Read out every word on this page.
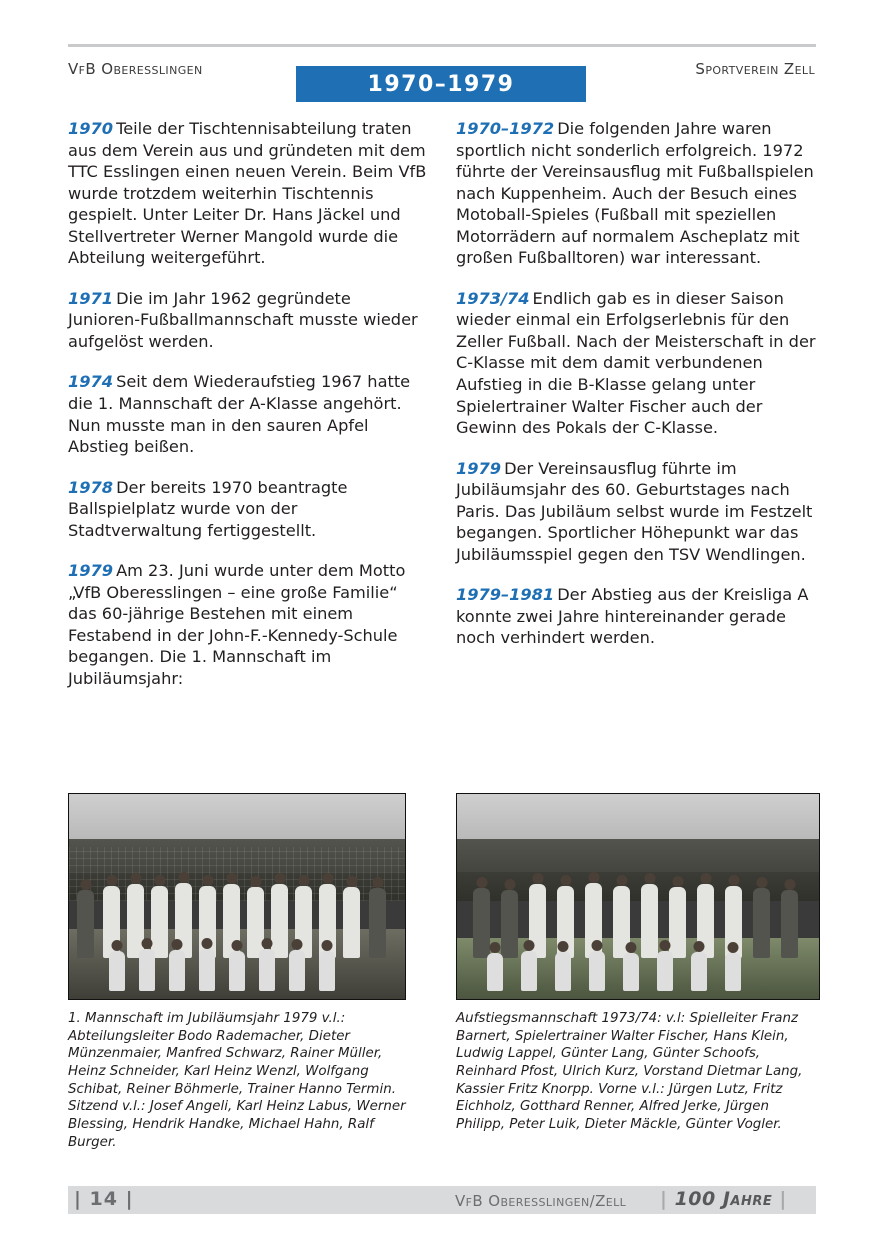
VfB Oberesslingen
1970–1979
Sportverein Zell

1970 Teile der Tischtennisabteilung traten aus dem Verein aus und gründeten mit dem TTC Esslingen einen neuen Verein. Beim VfB wurde trotzdem weiterhin Tischtennis gespielt. Unter Leiter Dr. Hans Jäckel und Stellvertreter Werner Mangold wurde die Abteilung weitergeführt.

1971 Die im Jahr 1962 gegründete Junioren-Fußballmannschaft musste wieder aufgelöst werden.

1974 Seit dem Wiederaufstieg 1967 hatte die 1. Mannschaft der A-Klasse angehört. Nun musste man in den sauren Apfel Abstieg beißen.

1978 Der bereits 1970 beantragte Ballspielplatz wurde von der Stadtverwaltung fertiggestellt.

1979 Am 23. Juni wurde unter dem Motto „VfB Oberesslingen – eine große Familie“ das 60-jährige Bestehen mit einem Festabend in der John-F.-Kennedy-Schule begangen. Die 1. Mannschaft im Jubiläumsjahr:

1970–1972 Die folgenden Jahre waren sportlich nicht sonderlich erfolgreich. 1972 führte der Vereinsausflug mit Fußballspielen nach Kuppenheim. Auch der Besuch eines Motoball-Spieles (Fußball mit speziellen Motorrädern auf normalem Ascheplatz mit großen Fußballtoren) war interessant.

1973/74 Endlich gab es in dieser Saison wieder einmal ein Erfolgserlebnis für den Zeller Fußball. Nach der Meisterschaft in der C-Klasse mit dem damit verbundenen Aufstieg in die B-Klasse gelang unter Spielertrainer Walter Fischer auch der Gewinn des Pokals der C-Klasse.

1979 Der Vereinsausflug führte im Jubiläumsjahr des 60. Geburtstages nach Paris. Das Jubiläum selbst wurde im Festzelt begangen. Sportlicher Höhepunkt war das Jubiläumsspiel gegen den TSV Wendlingen.

1979–1981 Der Abstieg aus der Kreisliga A konnte zwei Jahre hintereinander gerade noch verhindert werden.

1. Mannschaft im Jubiläumsjahr 1979 v.l.: Abteilungsleiter Bodo Rademacher, Dieter Münzenmaier, Manfred Schwarz, Rainer Müller, Heinz Schneider, Karl Heinz Wenzl, Wolfgang Schibat, Reiner Böhmerle, Trainer Hanno Termin. Sitzend v.l.: Josef Angeli, Karl Heinz Labus, Werner Blessing, Hendrik Handke, Michael Hahn, Ralf Burger.
Aufstiegsmannschaft 1973/74: v.l: Spielleiter Franz Barnert, Spielertrainer Walter Fischer, Hans Klein, Ludwig Lappel, Günter Lang, Günter Schoofs, Reinhard Pfost, Ulrich Kurz, Vorstand Dietmar Lang, Kassier Fritz Knorpp. Vorne v.l.: Jürgen Lutz, Fritz Eichholz, Gotthard Renner, Alfred Jerke, Jürgen Philipp, Peter Luik, Dieter Mäckle, Günter Vogler.
| 14 |	VfB Oberesslingen/Zell | 100 Jahre |
